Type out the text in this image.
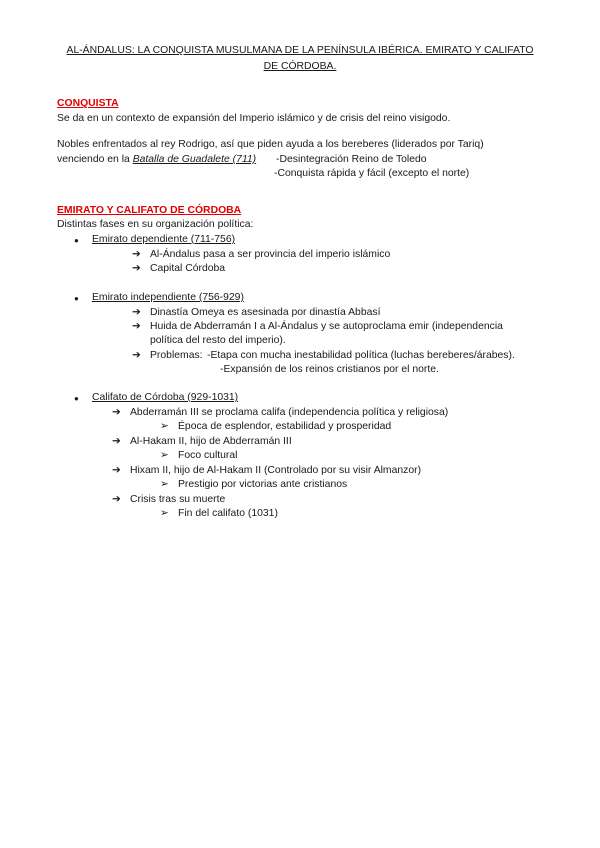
AL-ÁNDALUS: LA CONQUISTA MUSULMANA DE LA PENÍNSULA IBÉRICA. EMIRATO Y CALIFATO DE CÓRDOBA.
CONQUISTA
Se da en un contexto de expansión del Imperio islámico y de crisis del reino visigodo.
Nobles enfrentados al rey Rodrigo, así que piden ayuda a los bereberes (liderados por Tariq)
venciendo en la Batalla de Guadalete (711) -Desintegración Reino de Toledo
-Conquista rápida y fácil (excepto el norte)
EMIRATO Y CALIFATO DE CÓRDOBA
Distintas fases en su organización política:
● Emirato dependiente (711-756)
➔ Al-Ándalus pasa a ser provincia del imperio islámico
➔ Capital Córdoba
● Emirato independiente (756-929)
➔ Dinastía Omeya es asesinada por dinastía Abbasí
➔ Huida de Abderramán I a Al-Ándalus y se autoproclama emir (independencia
política del resto del imperio).
➔ Problemas: -Etapa con mucha inestabilidad política (luchas bereberes/árabes).
-Expansión de los reinos cristianos por el norte.
● Califato de Córdoba (929-1031)
➔ Abderramán III se proclama califa (independencia política y religiosa)
➢ Época de esplendor, estabilidad y prosperidad
➔ Al-Hakam II, hijo de Abderramán III
➢ Foco cultural
➔ Hixam II, hijo de Al-Hakam II (Controlado por su visir Almanzor)
➢ Prestigio por victorias ante cristianos
➔ Crisis tras su muerte
➢ Fin del califato (1031)
